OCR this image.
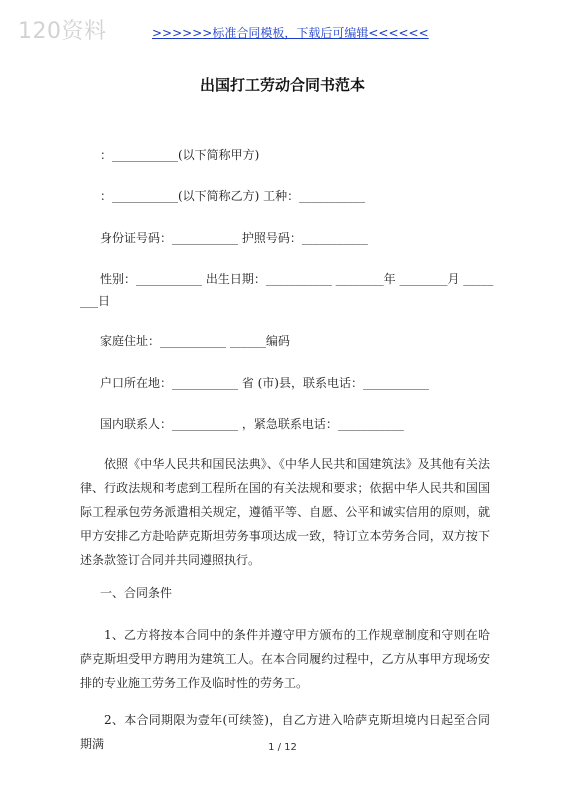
120资料	>>>>>>标准合同模板，下载后可编辑<<<<<<
出国打工劳动合同书范本
：___________(以下简称甲方)
：___________(以下简称乙方) 工种：___________
身份证号码：___________ 护照号码：___________
性别：___________ 出生日期：___________ ________年 ________月 _____
___日
家庭住址：___________ ______编码
户口所在地：___________ 省 (市)县，联系电话：___________
国内联系人：___________ ，紧急联系电话：___________
依照《中华人民共和国民法典》、《中华人民共和国建筑法》及其他有关法律、行政法规和考虑到工程所在国的有关法规和要求；依据中华人民共和国国际工程承包劳务派遣相关规定，遵循平等、自愿、公平和诚实信用的原则，就甲方安排乙方赴哈萨克斯坦劳务事项达成一致，特订立本劳务合同，双方按下述条款签订合同并共同遵照执行。
一、合同条件
1、乙方将按本合同中的条件并遵守甲方颁布的工作规章制度和守则在哈萨克斯坦受甲方聘用为建筑工人。在本合同履约过程中，乙方从事甲方现场安排的专业施工劳务工作及临时性的劳务工。
2、本合同期限为壹年(可续签)，自乙方进入哈萨克斯坦境内日起至合同期满	1 / 12
